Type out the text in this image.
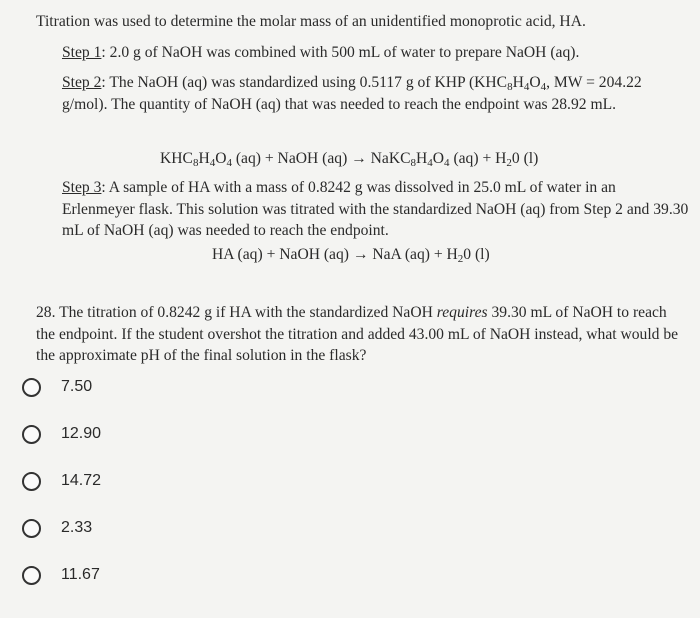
Titration was used to determine the molar mass of an unidentified monoprotic acid, HA.
Step 1: 2.0 g of NaOH was combined with 500 mL of water to prepare NaOH (aq).
Step 2: The NaOH (aq) was standardized using 0.5117 g of KHP ($KHC_8H_4O_4$, MW = 204.22 g/mol). The quantity of NaOH (aq) that was needed to reach the endpoint was 28.92 mL.
$KHC_8H_4O_4$ (aq) + NaOH $(aq) \to NaKC_8H_4O_4$ $(aq) + H_20$ (l)
Step 3: A sample of HA with a mass of 0.8242 g was dissolved in 25.0 mL of water in an Erlenmeyer flask. This solution was titrated with the standardized NaOH (aq) from Step 2 and 39.30 mL of NaOH (aq) was needed to reach the endpoint.
HA (aq) + NaOH (aq) → NaA $(aq) + H_20$ (l)
28. The titration of 0.8242 g if HA with the standardized NaOH requires 39.30 mL of NaOH to reach the endpoint. If the student overshot the titration and added 43.00 mL of NaOH instead, what would be the approximate pH of the final solution in the flask?
7.50
12.90
14.72
2.33
11.67
